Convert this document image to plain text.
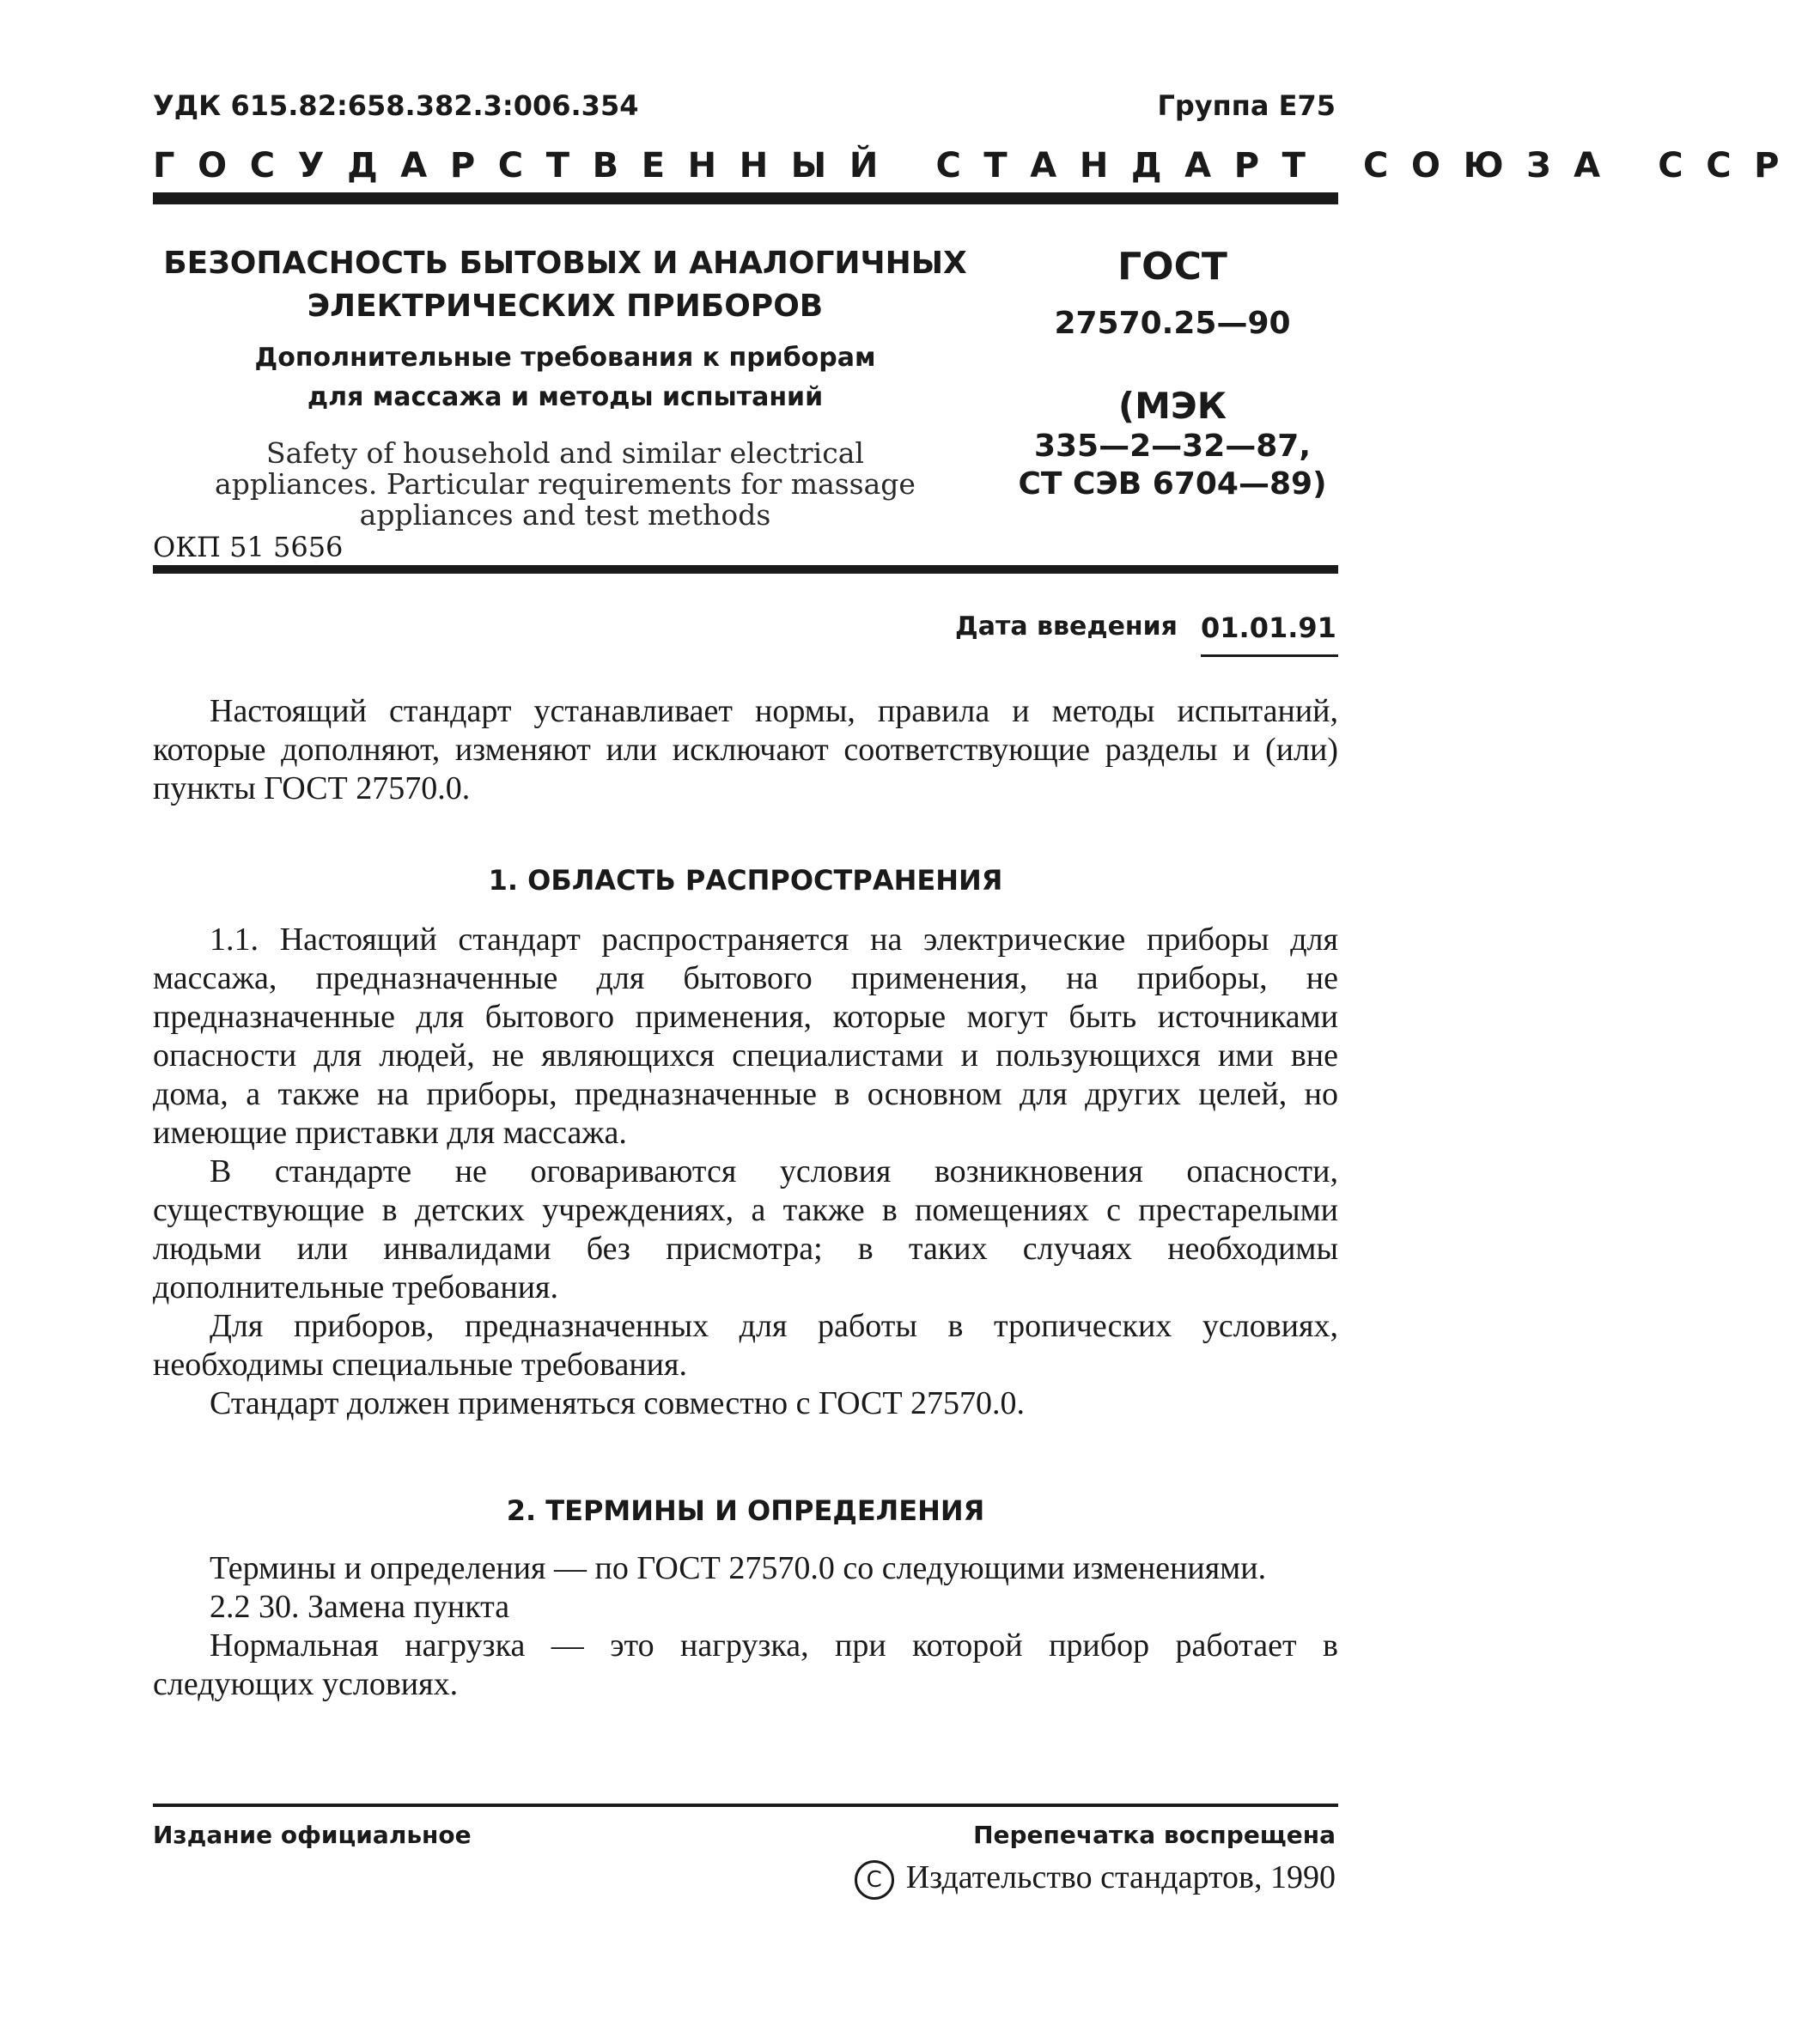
УДК 615.82:658.382.3:006.354	Группа Е75
ГОСУДАРСТВЕННЫЙ СТАНДАРТ СОЮЗА ССР
БЕЗОПАСНОСТЬ БЫТОВЫХ И АНАЛОГИЧНЫХ
ЭЛЕКТРИЧЕСКИХ ПРИБОРОВ
Дополнительные требования к приборам
для массажа и методы испытаний
Safety of household and similar electrical
appliances. Particular requirements for massage
appliances and test methods
ОКП 51 5656
ГОСТ
27570.25—90
(МЭК
335—2—32—87,
СТ СЭВ 6704—89)
Дата введения 01.01.91
Настоящий стандарт устанавливает нормы, правила и методы испытаний, которые дополняют, изменяют или исключают соответствующие разделы и (или) пункты ГОСТ 27570.0.
1. ОБЛАСТЬ РАСПРОСТРАНЕНИЯ

1.1. Настоящий стандарт распространяется на электрические приборы для массажа, предназначенные для бытового применения, на приборы, не предназначенные для бытового применения, которые могут быть источниками опасности для людей, не являющихся специалистами и пользующихся ими вне дома, а также на приборы, предназначенные в основном для других целей, но имеющие приставки для массажа.

В стандарте не оговариваются условия возникновения опасности, существующие в детских учреждениях, а также в помещениях с престарелыми людьми или инвалидами без присмотра; в таких случаях необходимы дополнительные требования.

Для приборов, предназначенных для работы в тропических условиях, необходимы специальные требования.

Стандарт должен применяться совместно с ГОСТ 27570.0.

2. ТЕРМИНЫ И ОПРЕДЕЛЕНИЯ

Термины и определения — по ГОСТ 27570.0 со следующими изменениями.

2.2 30. Замена пункта

Нормальная нагрузка — это нагрузка, при которой прибор работает в следующих условиях.

Издание официальное	Перепечатка воспрещена
С Издательство стандартов, 1990
